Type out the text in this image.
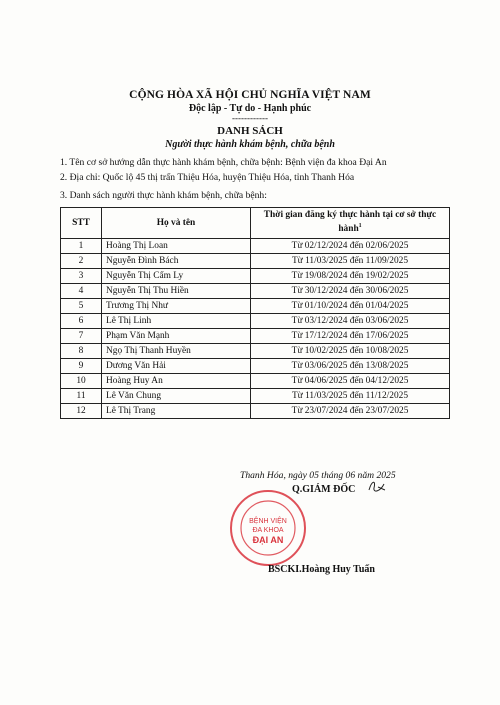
CỘNG HÒA XÃ HỘI CHỦ NGHĨA VIỆT NAM
Độc lập - Tự do - Hạnh phúc
------------
DANH SÁCH
Người thực hành khám bệnh, chữa bệnh
1. Tên cơ sở hướng dẫn thực hành khám bệnh, chữa bệnh: Bệnh viện đa khoa Đại An
2. Địa chỉ: Quốc lộ 45 thị trấn Thiệu Hóa, huyện Thiệu Hóa, tỉnh Thanh Hóa
3. Danh sách người thực hành khám bệnh, chữa bệnh:
STT	Họ và tên	Thời gian đăng ký thực hành tại cơ sở thực hành$^1$
1	Hoàng Thị Loan	Từ 02/12/2024 đến 02/06/2025
2	Nguyễn Đình Bách	Từ 11/03/2025 đến 11/09/2025
3	Nguyễn Thị Cẩm Ly	Từ 19/08/2024 đến 19/02/2025
4	Nguyễn Thị Thu Hiền	Từ 30/12/2024 đến 30/06/2025
5	Trương Thị Như	Từ 01/10/2024 đến 01/04/2025
6	Lê Thị Linh	Từ 03/12/2024 đến 03/06/2025
7	Phạm Văn Mạnh	Từ 17/12/2024 đến 17/06/2025
8	Ngọ Thị Thanh Huyền	Từ 10/02/2025 đến 10/08/2025
9	Dương Văn Hải	Từ 03/06/2025 đến 13/08/2025
10	Hoàng Huy An	Từ 04/06/2025 đến 04/12/2025
11	Lê Văn Chung	Từ 11/03/2025 đến 11/12/2025
12	Lê Thị Trang	Từ 23/07/2024 đến 23/07/2025
Thanh Hóa, ngày 05 tháng 06 năm 2025
Q.GIÁM ĐỐC
BỆNH VIỆN
ĐA KHOA
ĐẠI AN
BSCKI.Hoàng Huy Tuấn
